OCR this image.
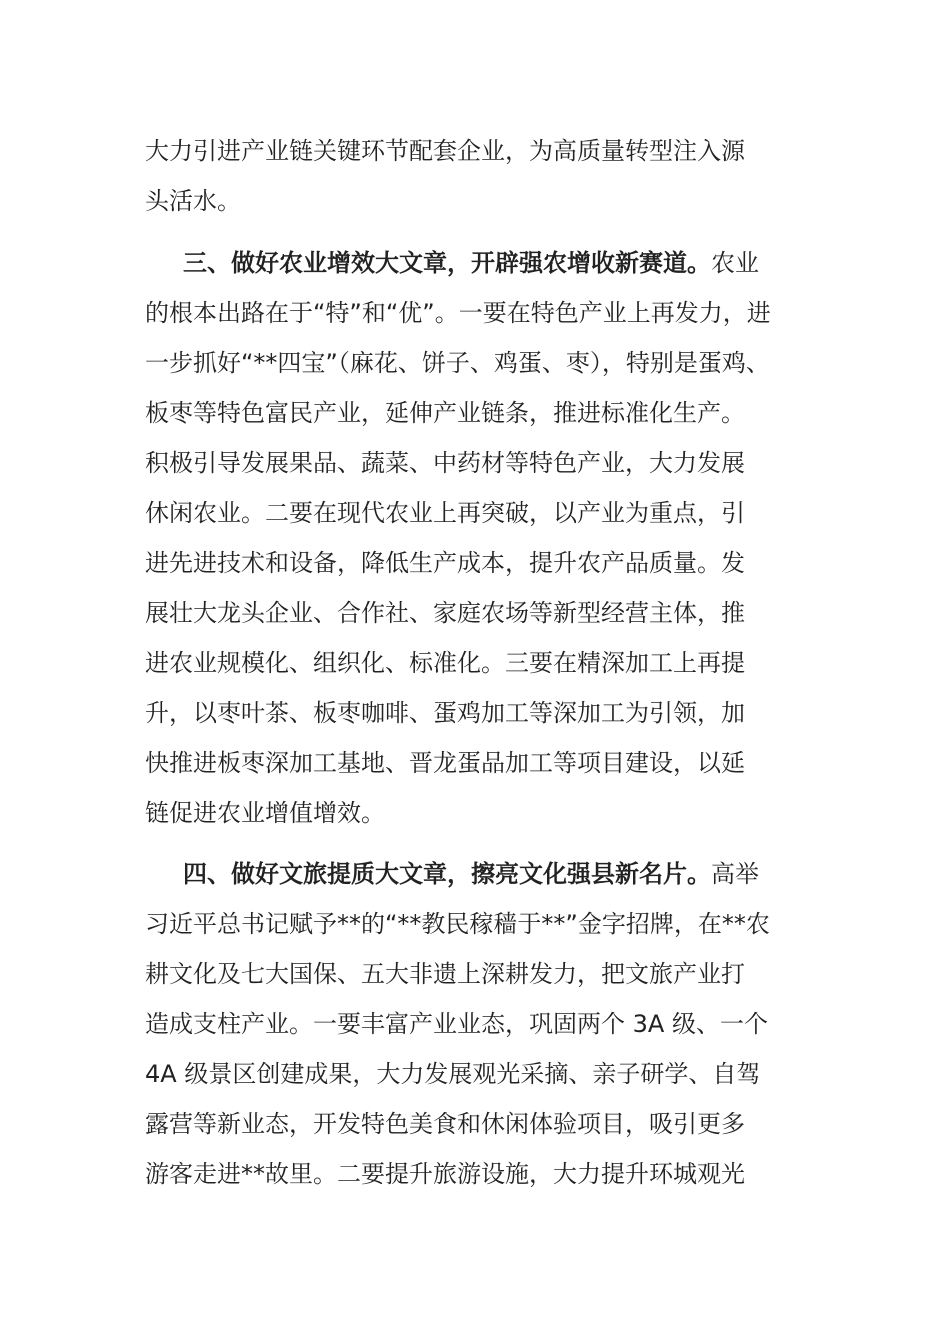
大力引进产业链关键环节配套企业，为高质量转型注入源
头活水。
三、做好农业增效大文章，开辟强农增收新赛道。农业
的根本出路在于“特”和“优”。一要在特色产业上再发力，进
一步抓好“**四宝”（麻花、饼子、鸡蛋、枣），特别是蛋鸡、
板枣等特色富民产业，延伸产业链条，推进标准化生产。
积极引导发展果品、蔬菜、中药材等特色产业，大力发展
休闲农业。二要在现代农业上再突破，以产业为重点，引
进先进技术和设备，降低生产成本，提升农产品质量。发
展壮大龙头企业、合作社、家庭农场等新型经营主体，推
进农业规模化、组织化、标准化。三要在精深加工上再提
升，以枣叶茶、板枣咖啡、蛋鸡加工等深加工为引领，加
快推进板枣深加工基地、晋龙蛋品加工等项目建设，以延
链促进农业增值增效。
四、做好文旅提质大文章，擦亮文化强县新名片。高举
习近平总书记赋予**的“**教民稼穑于**”金字招牌，在**农
耕文化及七大国保、五大非遗上深耕发力，把文旅产业打
造成支柱产业。一要丰富产业业态，巩固两个 3A 级、一个
4A 级景区创建成果，大力发展观光采摘、亲子研学、自驾
露营等新业态，开发特色美食和休闲体验项目，吸引更多
游客走进**故里。二要提升旅游设施，大力提升环城观光
